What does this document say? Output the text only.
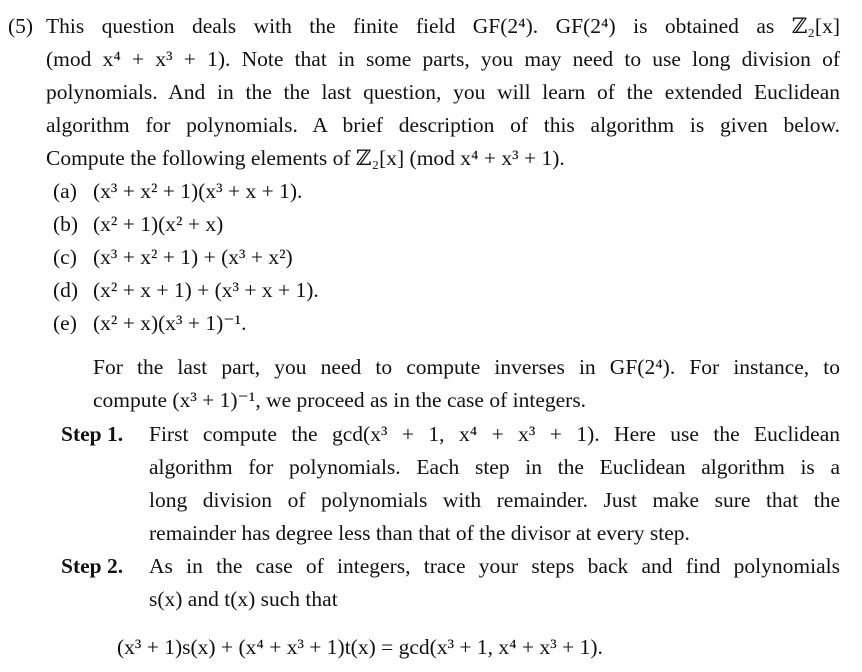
(5) This question deals with the finite field GF(2⁴). GF(2⁴) is obtained as ℤ₂[x]
(mod x⁴ + x³ + 1). Note that in some parts, you may need to use long division of
polynomials. And in the the last question, you will learn of the extended Euclidean
algorithm for polynomials. A brief description of this algorithm is given below.
Compute the following elements of ℤ₂[x] (mod x⁴ + x³ + 1).
(a) (x³ + x² + 1)(x³ + x + 1).
(b) (x² + 1)(x² + x)
(c) (x³ + x² + 1) + (x³ + x²)
(d) (x² + x + 1) + (x³ + x + 1).
(e) (x² + x)(x³ + 1)⁻¹.
For the last part, you need to compute inverses in GF(2⁴). For instance, to
compute (x³ + 1)⁻¹, we proceed as in the case of integers.
Step 1. First compute the gcd(x³ + 1, x⁴ + x³ + 1). Here use the Euclidean
algorithm for polynomials. Each step in the Euclidean algorithm is a
long division of polynomials with remainder. Just make sure that the
remainder has degree less than that of the divisor at every step.
Step 2. As in the case of integers, trace your steps back and find polynomials
s(x) and t(x) such that
(x³ + 1)s(x) + (x⁴ + x³ + 1)t(x) = gcd(x³ + 1, x⁴ + x³ + 1).
